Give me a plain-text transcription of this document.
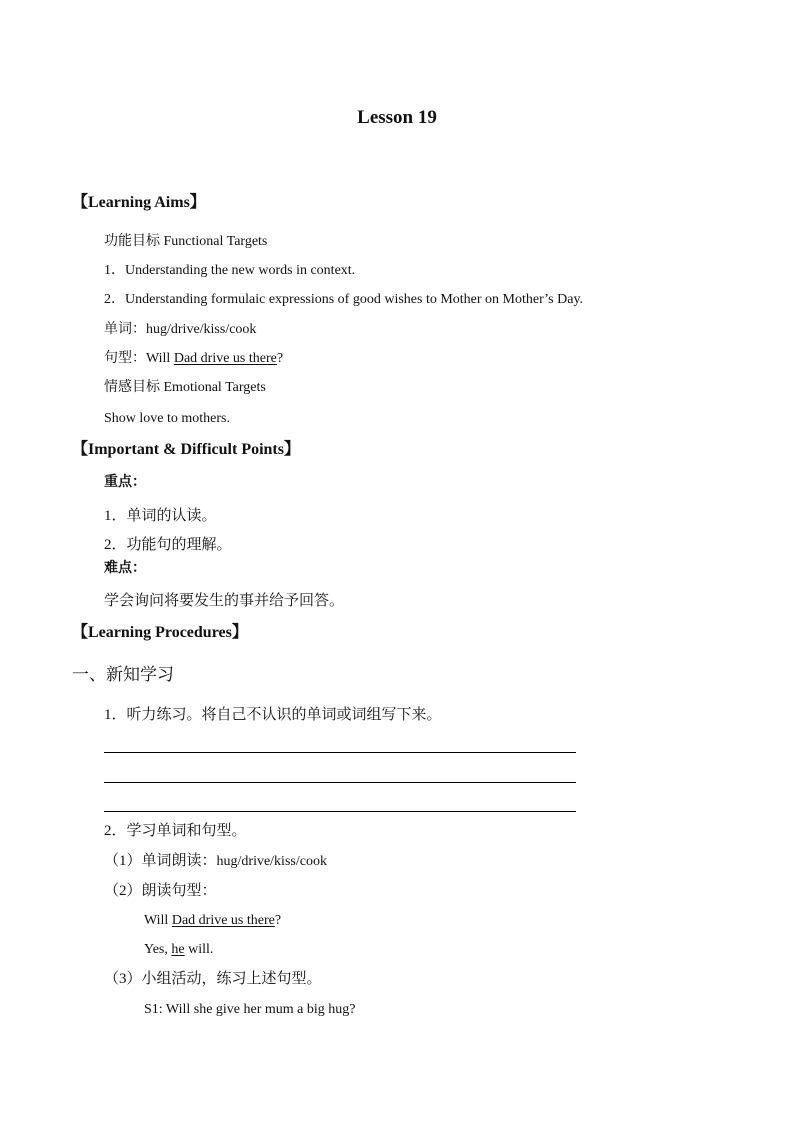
Lesson 19
【Learning Aims】
功能目标 Functional Targets
1．Understanding the new words in context.
2．Understanding formulaic expressions of good wishes to Mother on Mother’s Day.
单词：hug/drive/kiss/cook
句型：Will Dad drive us there?
情感目标 Emotional Targets
Show love to mothers.
【Important & Difficult Points】
重点：
1．单词的认读。
2．功能句的理解。
难点：
学会询问将要发生的事并给予回答。
【Learning Procedures】
一、新知学习
1．听力练习。将自己不认识的单词或词组写下来。
2．学习单词和句型。
（1）单词朗读：hug/drive/kiss/cook
（2）朗读句型：
Will Dad drive us there?
Yes, he will.
（3）小组活动，练习上述句型。
S1: Will she give her mum a big hug?
